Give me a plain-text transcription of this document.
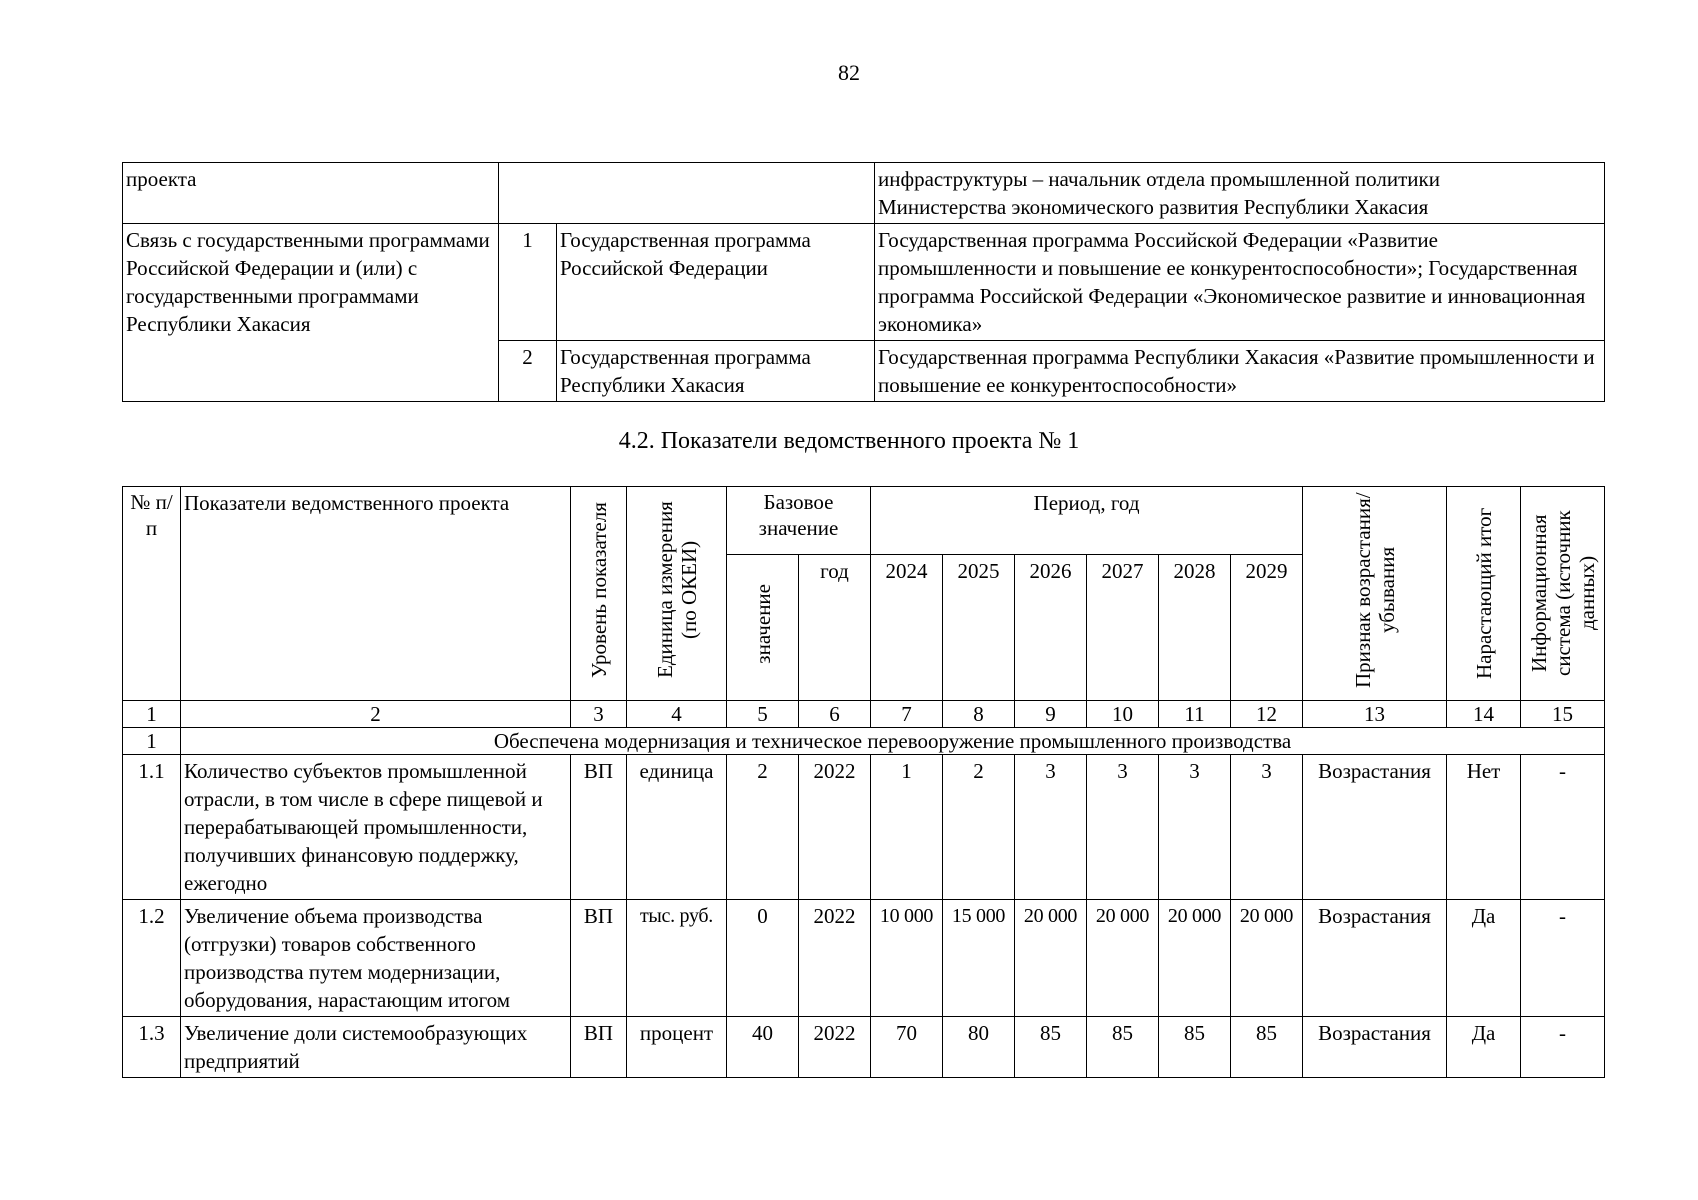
82
проекта			инфраструктуры – начальник отдела промышленной политики
Министерства экономического развития Республики Хакасия
Связь с государственными программами Российской Федерации и (или) с государственными программами Республики Хакасия	1	Государственная программа Российской Федерации	Государственная программа Российской Федерации «Развитие промышленности и повышение ее конкурентоспособности»; Государственная программа Российской Федерации «Экономическое развитие и инновационная экономика»
	2	Государственная программа Республики Хакасия	Государственная программа Республики Хакасия «Развитие промышленности и повышение ее конкурентоспособности»
4.2. Показатели ведомственного проекта № 1
№ п/п	Показатели ведомственного проекта	Уровень показателя	Единица измерения (по ОКЕИ)	Базовое значение		Период, год						Признак возрастания/ убывания	Нарастающий итог	Информационная система (источник данных)
				значение	год	2024	2025	2026	2027	2028	2029			
1	2	3	4	5	6	7	8	9	10	11	12	13	14	15
1	Обеспечена модернизация и техническое перевооружение промышленного производства													
1.1	Количество субъектов промышленной отрасли, в том числе в сфере пищевой и перерабатывающей промышленности, получивших финансовую поддержку, ежегодно	ВП	единица	2	2022	1	2	3	3	3	3	Возрастания	Нет	-
1.2	Увеличение объема производства (отгрузки) товаров собственного производства путем модернизации, оборудования, нарастающим итогом	ВП	тыс. руб.	0	2022	10 000	15 000	20 000	20 000	20 000	20 000	Возрастания	Да	-
1.3	Увеличение доли системообразующих предприятий	ВП	процент	40	2022	70	80	85	85	85	85	Возрастания	Да	-
